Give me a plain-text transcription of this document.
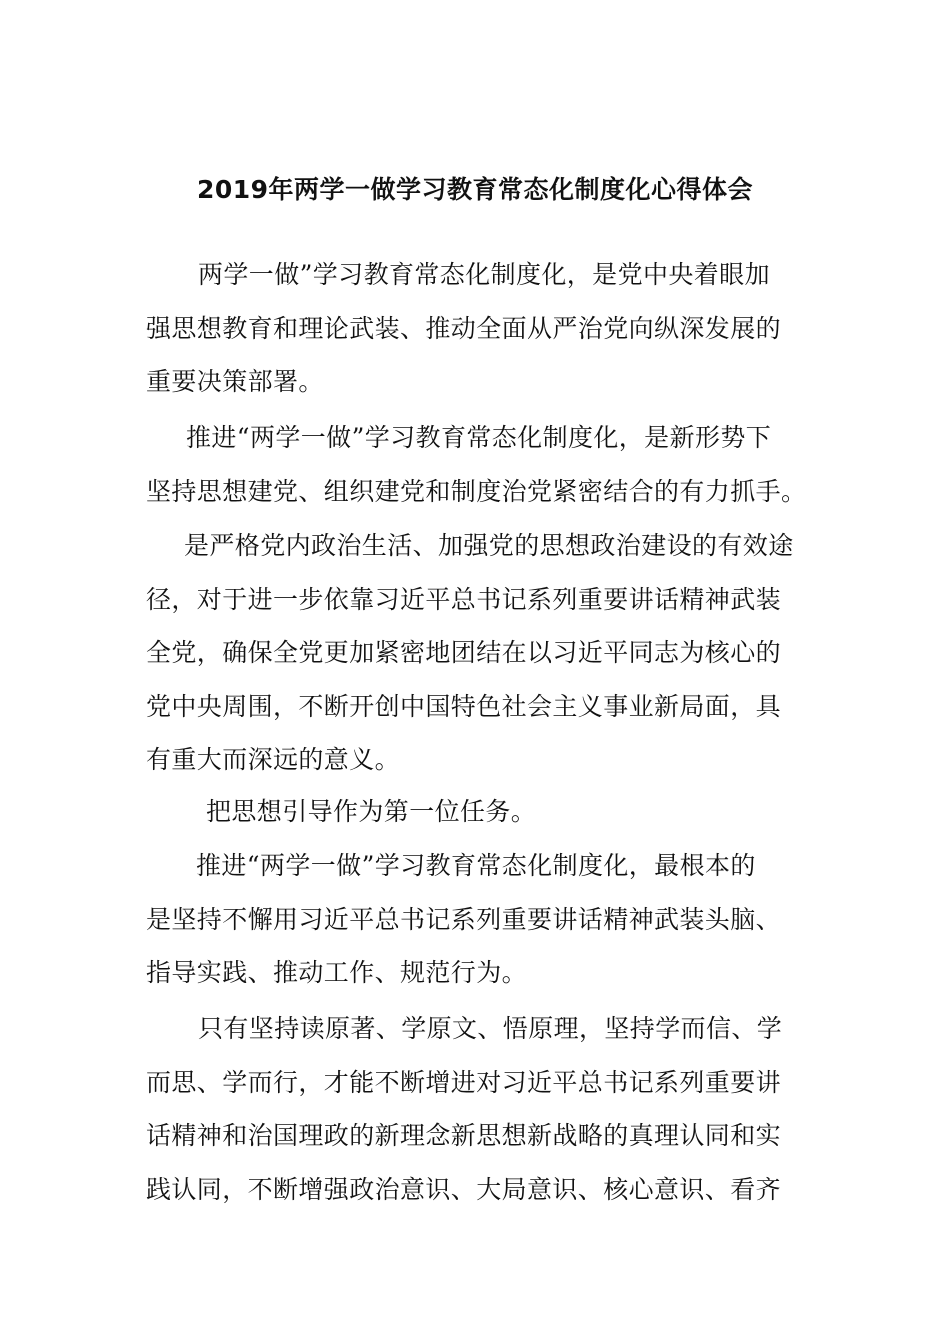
2019年两学一做学习教育常态化制度化心得体会
两学一做”学习教育常态化制度化，是党中央着眼加
强思想教育和理论武装、推动全面从严治党向纵深发展的
重要决策部署。
推进“两学一做”学习教育常态化制度化，是新形势下
坚持思想建党、组织建党和制度治党紧密结合的有力抓手。
是严格党内政治生活、加强党的思想政治建设的有效途
径，对于进一步依靠习近平总书记系列重要讲话精神武装
全党，确保全党更加紧密地团结在以习近平同志为核心的
党中央周围，不断开创中国特色社会主义事业新局面，具
有重大而深远的意义。
把思想引导作为第一位任务。
推进“两学一做”学习教育常态化制度化，最根本的
是坚持不懈用习近平总书记系列重要讲话精神武装头脑、
指导实践、推动工作、规范行为。
只有坚持读原著、学原文、悟原理，坚持学而信、学
而思、学而行，才能不断增进对习近平总书记系列重要讲
话精神和治国理政的新理念新思想新战略的真理认同和实
践认同，不断增强政治意识、大局意识、核心意识、看齐
